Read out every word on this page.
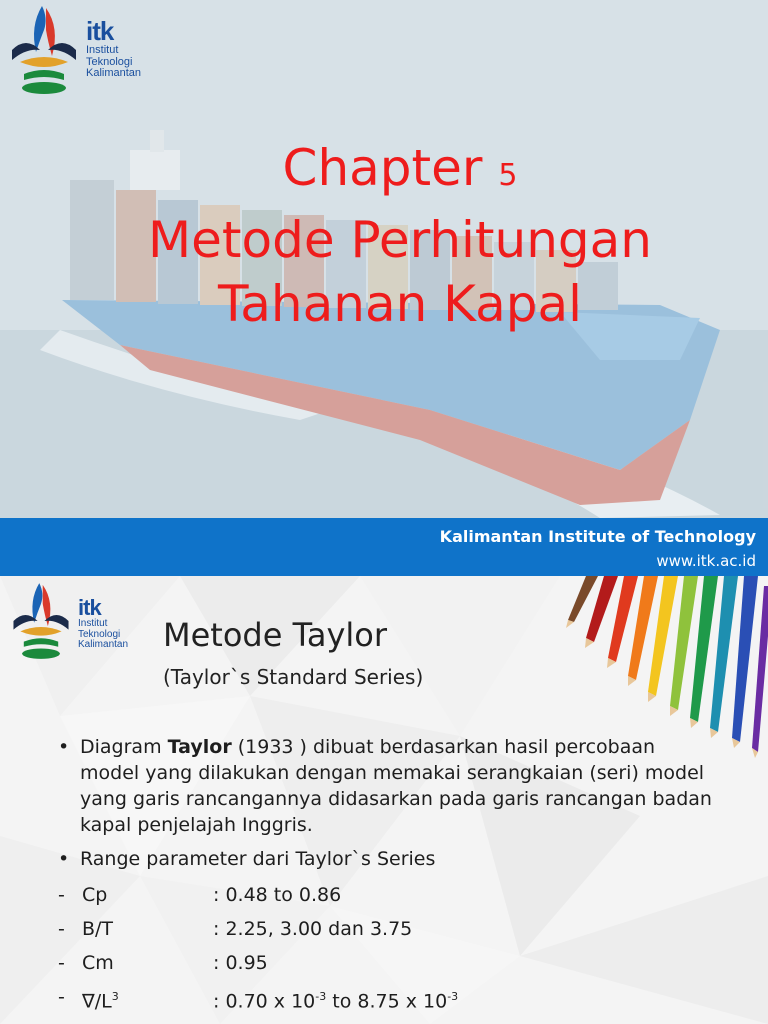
itk
Institut
Teknologi
Kalimantan
Chapter 5
Metode Perhitungan
Tahanan Kapal
Kalimantan Institute of Technology
www.itk.ac.id
itk
Institut
Teknologi
Kalimantan Metode Taylor
(Taylor`s Standard Series)
• Diagram Taylor (1933 ) dibuat berdasarkan hasil percobaan model yang dilakukan dengan memakai serangkaian (seri) model yang garis rancangannya didasarkan pada garis rancangan badan kapal penjelajah Inggris.
• Range parameter dari Taylor`s Series
- Cp	: 0.48 to 0.86
- B/T	: 2.25, 3.00 dan 3.75
- Cm	: 0.95
- $\nabla/L^3$	: 0.70 x $10^{-3}$ to 8.75 x $10^{-3}$
